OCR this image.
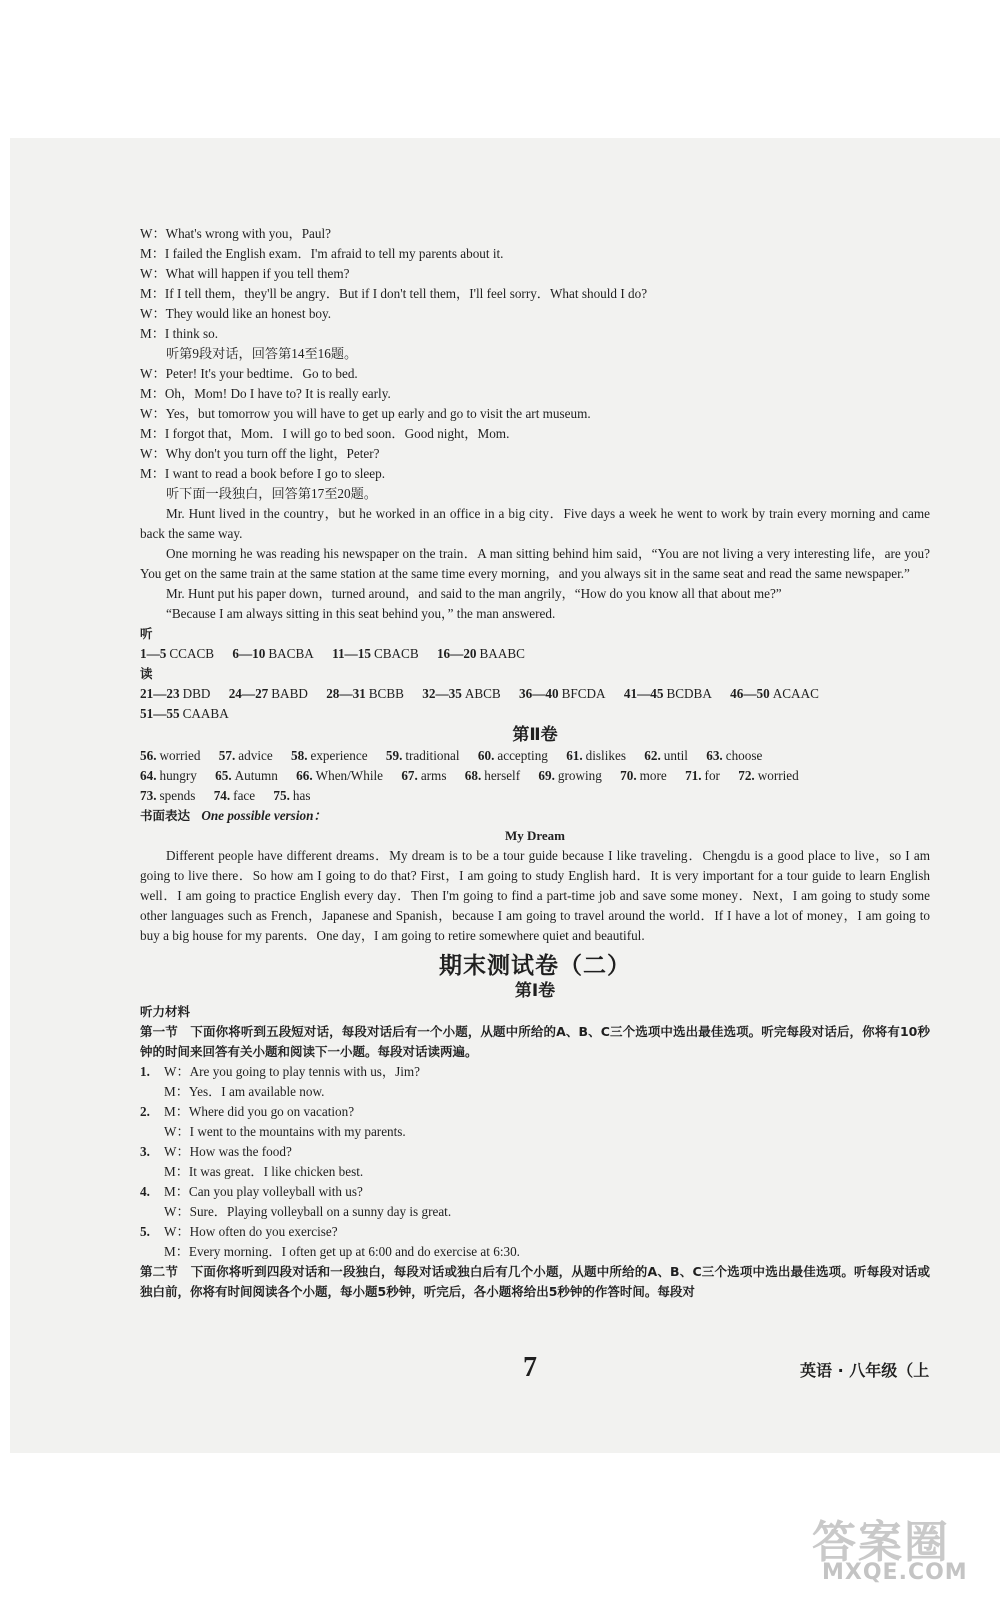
W：What's wrong with you，Paul?
M：I failed the English exam．I'm afraid to tell my parents about it.
W：What will happen if you tell them?
M：If I tell them，they'll be angry．But if I don't tell them，I'll feel sorry．What should I do?
W：They would like an honest boy.
M：I think so.
听第9段对话，回答第14至16题。
W：Peter! It's your bedtime．Go to bed.
M：Oh，Mom! Do I have to? It is really early.
W：Yes，but tomorrow you will have to get up early and go to visit the art museum.
M：I forgot that，Mom．I will go to bed soon．Good night，Mom.
W：Why don't you turn off the light，Peter?
M：I want to read a book before I go to sleep.
听下面一段独白，回答第17至20题。
Mr. Hunt lived in the country，but he worked in an office in a big city．Five days a week he went to work by train every morning and came back the same way.
One morning he was reading his newspaper on the train．A man sitting behind him said，“You are not living a very interesting life，are you? You get on the same train at the same station at the same time every morning，and you always sit in the same seat and read the same newspaper.”
Mr. Hunt put his paper down，turned around，and said to the man angrily，“How do you know all that about me?”
“Because I am always sitting in this seat behind you，” the man answered.
听
1—5 CCACB 6—10 BACBA 11—15 CBACB 16—20 BAABC
读
21—23 DBD 24—27 BABD 28—31 BCBB 32—35 ABCB 36—40 BFCDA 41—45 BCDBA 46—50 ACAAC
51—55 CAABA
第Ⅱ卷
56. worried 57. advice 58. experience 59. traditional 60. accepting 61. dislikes 62. until 63. choose
64. hungry 65. Autumn 66. When/While 67. arms 68. herself 69. growing 70. more 71. for 72. worried
73. spends 74. face 75. has
书面表达 One possible version：
My Dream
Different people have different dreams．My dream is to be a tour guide because I like traveling．Chengdu is a good place to live，so I am going to live there．So how am I going to do that? First，I am going to study English hard．It is very important for a tour guide to learn English well．I am going to practice English every day．Then I'm going to find a part-time job and save some money．Next，I am going to study some other languages such as French，Japanese and Spanish，because I am going to travel around the world．If I have a lot of money，I am going to buy a big house for my parents．One day，I am going to retire somewhere quiet and beautiful.
期末测试卷（二）
第Ⅰ卷
听力材料
第一节　下面你将听到五段短对话，每段对话后有一个小题，从题中所给的A、B、C三个选项中选出最佳选项。听完每段对话后，你将有10秒钟的时间来回答有关小题和阅读下一小题。每段对话读两遍。
1. W：Are you going to play tennis with us，Jim?
M：Yes．I am available now.
2. M：Where did you go on vacation?
W：I went to the mountains with my parents.
3. W：How was the food?
M：It was great．I like chicken best.
4. M：Can you play volleyball with us?
W：Sure．Playing volleyball on a sunny day is great.
5. W：How often do you exercise?
M：Every morning．I often get up at 6:00 and do exercise at 6:30.
第二节　下面你将听到四段对话和一段独白，每段对话或独白后有几个小题，从题中所给的A、B、C三个选项中选出最佳选项。听每段对话或独白前，你将有时间阅读各个小题，每小题5秒钟，听完后，各小题将给出5秒钟的作答时间。每段对
7	英语 · 八年级（上
答案圈
MXQE.COM
